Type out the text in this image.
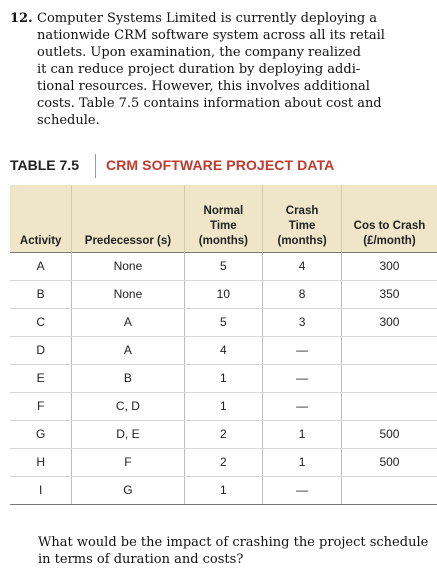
12. Computer Systems Limited is currently deploying a
nationwide CRM software system across all its retail
outlets. Upon examination, the company realized
it can reduce project duration by deploying addi-
tional resources. However, this involves additional
costs. Table 7.5 contains information about cost and
schedule.
TABLE 7.5 CRM SOFTWARE PROJECT DATA
Activity	Predecessor (s)	Normal
Time
(months)	Crash
Time
(months)	Cos to Crash
(£/month)
A	None	5	4	300
B	None	10	8	350
C	A	5	3	300
D	A	4	—	
E	B	1	—	
F	C, D	1	—	
G	D, E	2	1	500
H	F	2	1	500
I	G	1	—	
What would be the impact of crashing the project schedule
in terms of duration and costs?
